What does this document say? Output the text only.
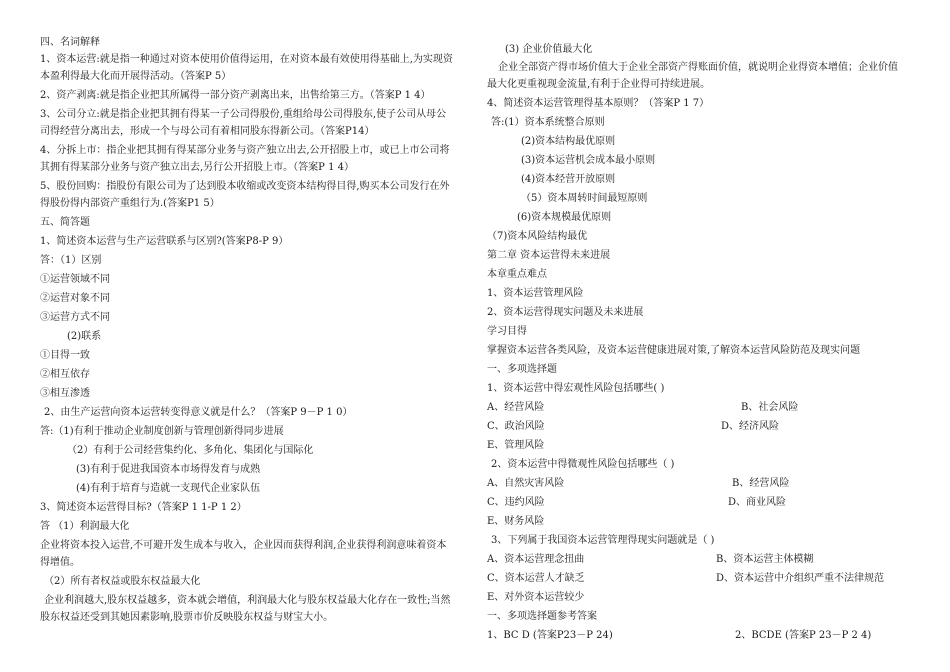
四、名词解释
1、资本运营:就是指一种通过对资本使用价值得运用，在对资本最有效使用得基础上,为实现资
本盈利得最大化而开展得活动。（答案P 5）
2、资产剥离:就是指企业把其所属得一部分资产剥离出来，出售给第三方。（答案P 1 4）
3、公司分立:就是指企业把其拥有得某一子公司得股份,重组给母公司得股东,使子公司从母公
司得经营分离出去，形成一个与母公司有着相同股东得新公司。（答案P14）
4、分拆上市：指企业把其拥有得某部分业务与资产独立出去,公开招股上市，或已上市公司将
其拥有得某部分业务与资产独立出去,另行公开招股上市。（答案P 1 4）
5、股份回购：指股份有限公司为了达到股本收缩或改变资本结构得目得,购买本公司发行在外
得股份得内部资产重组行为.(答案P1 5）
五、简答题
1、简述资本运营与生产运营联系与区别?(答案P8-P 9）
答：（1）区别
①运营领域不同
②运营对象不同
③运营方式不同
(2)联系
①目得一致
②相互依存
③相互渗透
2、由生产运营向资本运营转变得意义就是什么？（答案P 9－P 1 0）
答:（1)有利于推动企业制度创新与管理创新得同步进展
（2）有利于公司经营集约化、多角化、集团化与国际化
(3)有利于促进我国资本市场得发育与成熟
(4)有利于培育与造就一支现代企业家队伍
3、简述资本运营得目标?（答案P 1 1-P 1 2）
答 （1）利润最大化
企业将资本投入运营,不可避开发生成本与收入，企业因而获得利润,企业获得利润意味着资本
得增值。
（2）所有者权益或股东权益最大化
企业利润越大,股东权益越多，资本就会增值，利润最大化与股东权益最大化存在一致性;当然
股东权益还受到其她因素影响,股票市价反映股东权益与财宝大小。
(3) 企业价值最大化
企业全部资产得市场价值大于企业全部资产得账面价值，就说明企业得资本增值；企业价值
最大化更重视现金流量,有利于企业得可持续进展。
4、简述资本运营管理得基本原则？（答案P 1 7）
答:(1）资本系统整合原则
(2)资本结构最优原则
(3)资本运营机会成本最小原则
(4)资本经营开放原则
（5）资本周转时间最短原则
(6)资本规模最优原则
（7)资本风险结构最优
第二章 资本运营得未来进展
本章重点难点
1、资本运营管理风险
2、资本运营得现实问题及未来进展
学习目得
掌握资本运营各类风险，及资本运营健康进展对策,了解资本运营风险防范及现实问题
一、多项选择题
1、资本运营中得宏观性风险包括哪些( )
E、管理风险
2、资本运营中得微观性风险包括哪些（ )
E、财务风险
3、下列属于我国资本运营管理得现实问题就是（ )
E、对外资本运营较少
一、多项选择题参考答案
A、经营风险	B、社会风险
C、政治风险	D、经济风险
A、自然灾害风险	B、经营风险
C、违约风险	D、商业风险
A、资本运营理念扭曲	B、资本运营主体模糊
C、资本运营人才缺乏	D、资本运营中介组织严重不法律规范
1、BC D (答案P23－P 24)	2、BCDE (答案P 23－P 2 4)
